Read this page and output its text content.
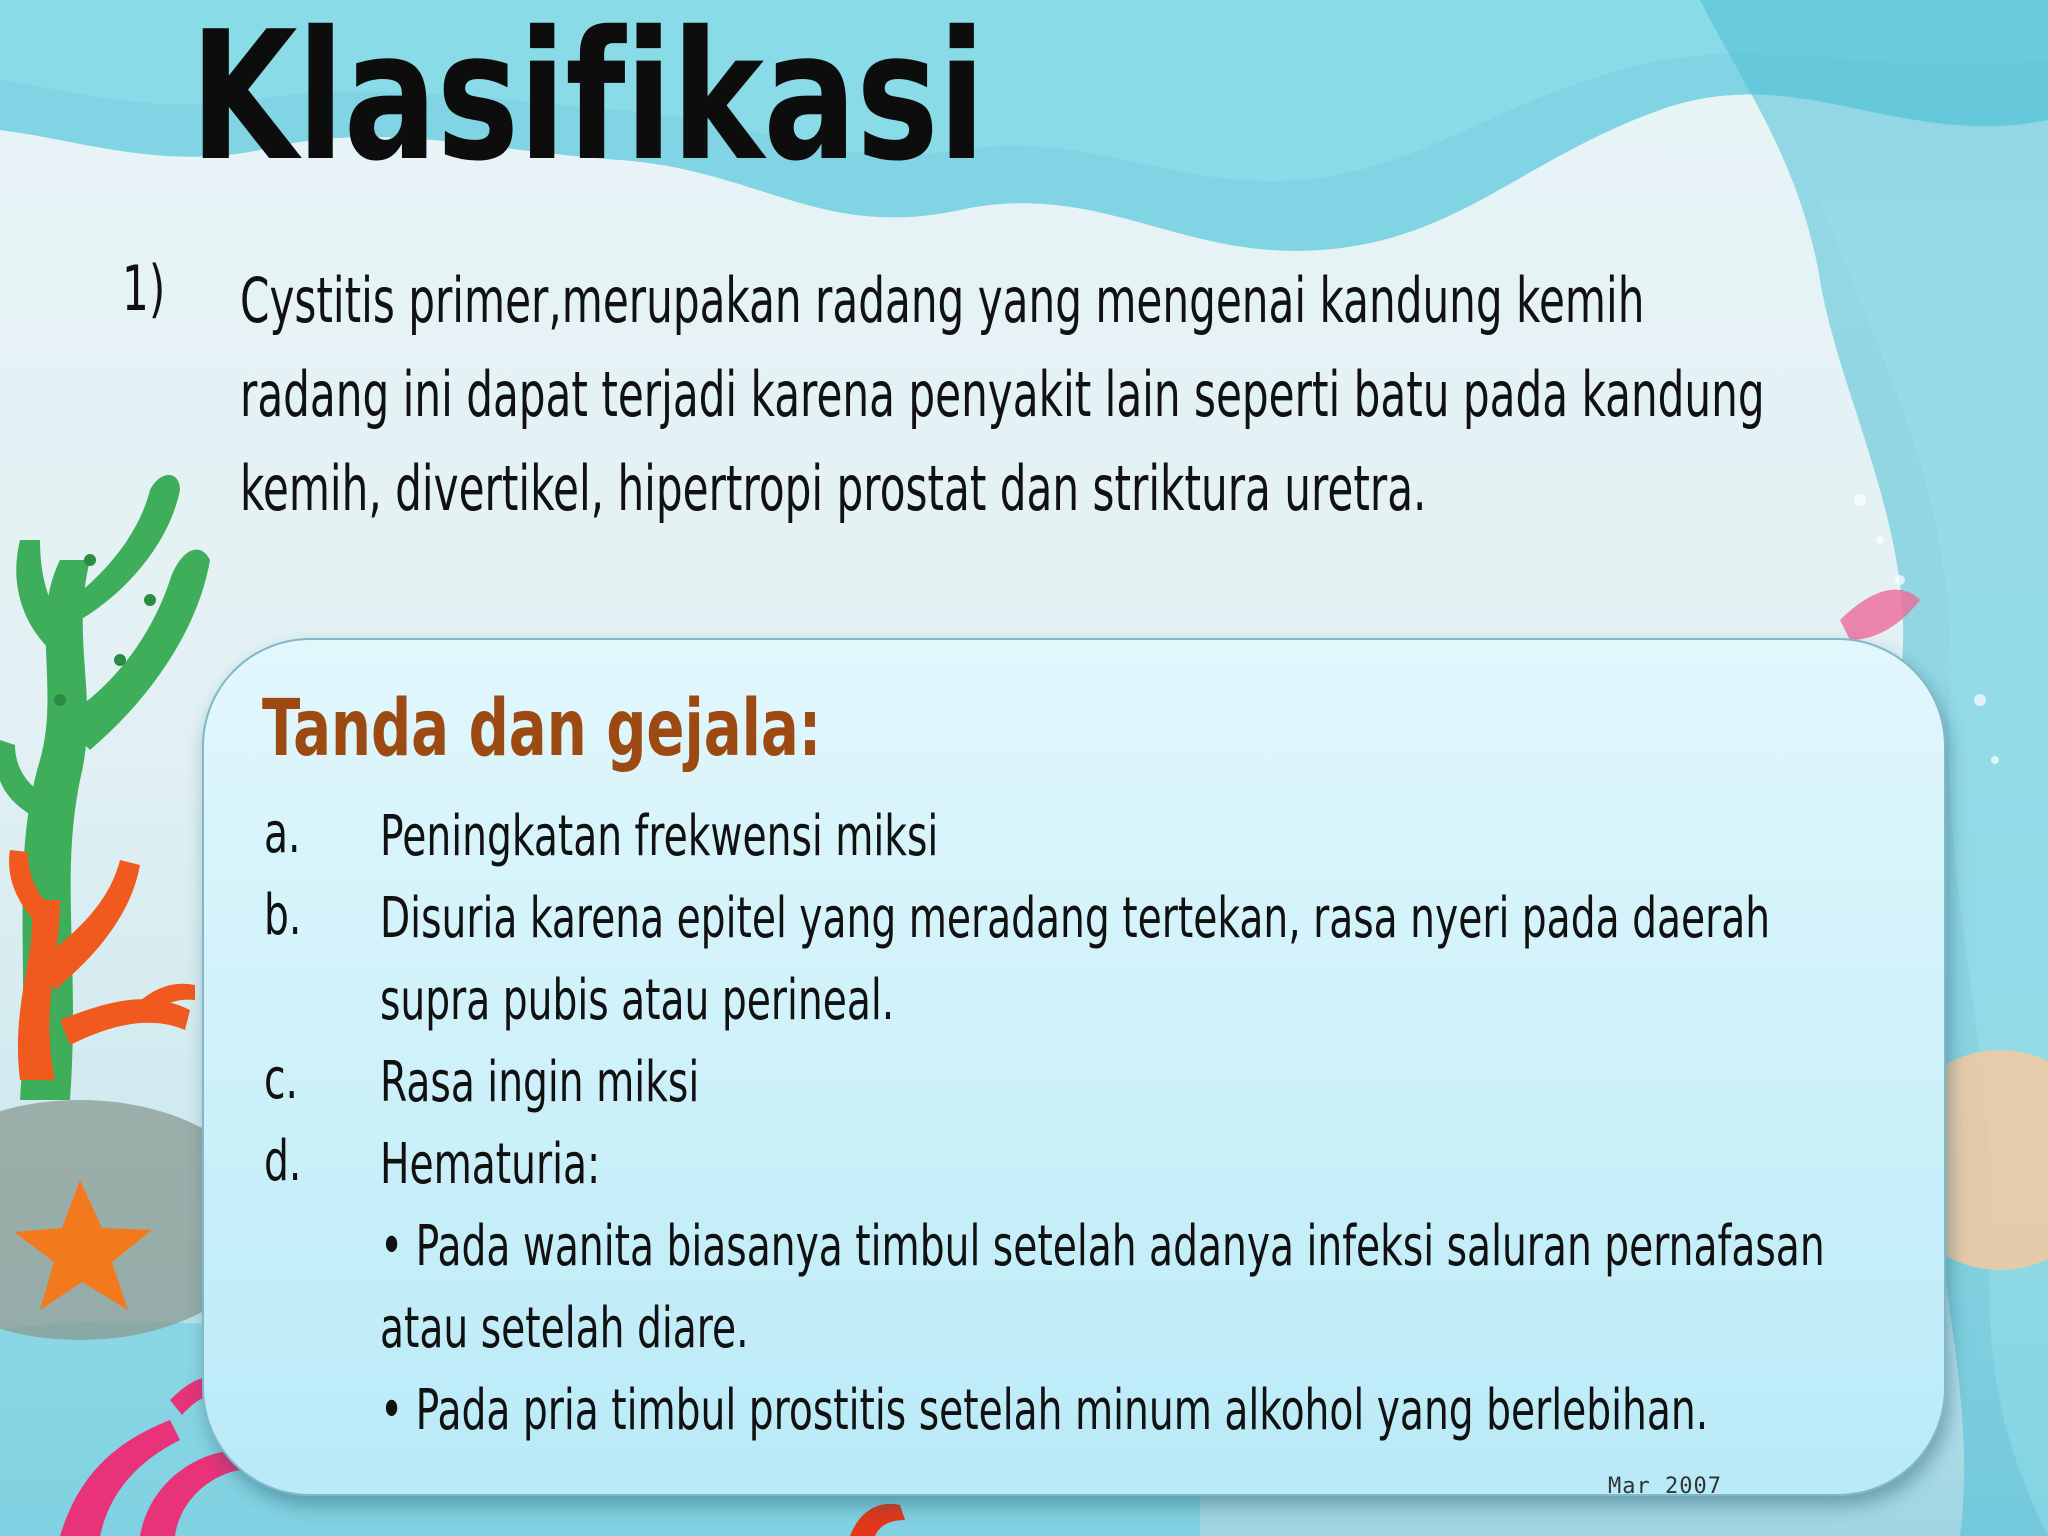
Klasifikasi
1) Cystitis primer,merupakan radang yang mengenai kandung kemih radang ini dapat terjadi karena penyakit lain seperti batu pada kandung kemih, divertikel, hipertropi prostat dan striktura uretra.

Tanda dan gejala:
a. Peningkatan frekwensi miksi

b. Disuria karena epitel yang meradang tertekan, rasa nyeri pada daerah supra pubis atau perineal.

c. Rasa ingin miksi

d. Hematuria:

• Pada wanita biasanya timbul setelah adanya infeksi saluran pernafasan atau setelah diare.

• Pada pria timbul prostitis setelah minum alkohol yang berlebihan.

Mar 2007
